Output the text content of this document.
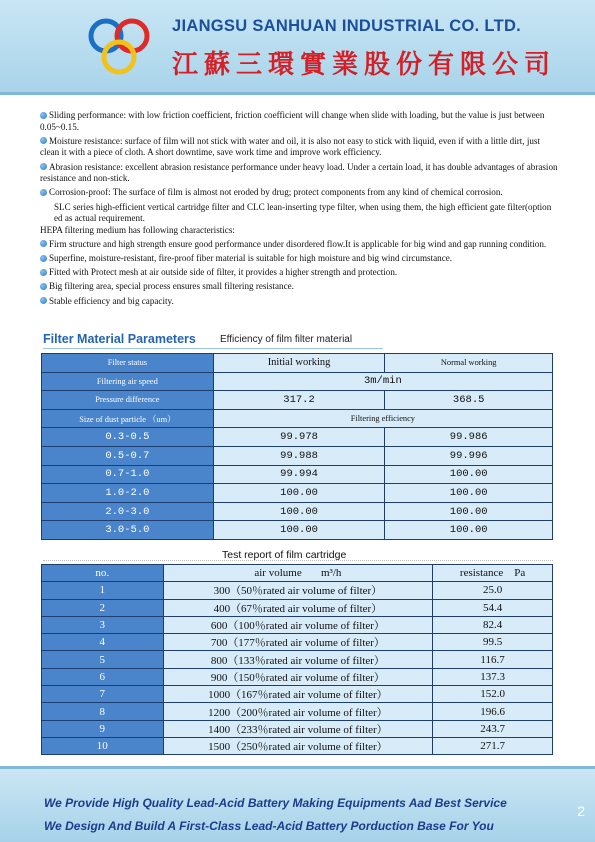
JIANGSU SANHUAN INDUSTRIAL CO. LTD.
江蘇三環實業股份有限公司

Sliding performance: with low friction coefficient, friction coefficient will change when slide with loading, but the value is just between 0.05~0.15.

Moisture resistance: surface of film will not stick with water and oil, it is also not easy to stick with liquid, even if with a little dirt, just clean it with a piece of cloth. A short downtime, save work time and improve work efficiency.

Abrasion resistance: excellent abrasion resistance performance under heavy load. Under a certain load, it has double advantages of abrasion resistance and non-stick.

Corrosion-proof: The surface of film is almost not eroded by drug; protect components from any kind of chemical corrosion.

SLC series high-efficient vertical cartridge filter and CLC lean-inserting type filter, when using them, the high efficient gate filter(option ed as actual requirement.

HEPA filtering medium has following characteristics:

Firm structure and high strength ensure good performance under disordered flow.It is applicable for big wind and gap running condition.

Superfine, moisture-resistant, fire-proof fiber material is suitable for high moisture and big wind circumstance.

Fitted with Protect mesh at air outside side of filter, it provides a higher strength and protection.

Big filtering area, special process ensures small filtering resistance.

Stable efficiency and big capacity.

Filter Material Parameters Efficiency of film filter material
Filter status	Initial working	Normal working
Filtering air speed	3m/min	
Pressure difference	317.2	368.5
Size of dust particle （um）	Filtering efficiency	
0.3-0.5	99.978	99.986
0.5-0.7	99.988	99.996
0.7-1.0	99.994	100.00
1.0-2.0	100.00	100.00
2.0-3.0	100.00	100.00
3.0-5.0	100.00	100.00
Test report of film cartridge
no.	air volume m³/h	resistance Pa
1	300（50％rated air volume of filter）	25.0
2	400（67％rated air volume of filter）	54.4
3	600（100％rated air volume of filter）	82.4
4	700（177％rated air volume of filter）	99.5
5	800（133％rated air volume of filter）	116.7
6	900（150％rated air volume of filter）	137.3
7	1000（167％rated air volume of filter）	152.0
8	1200（200％rated air volume of filter）	196.6
9	1400（233％rated air volume of filter）	243.7
10	1500（250％rated air volume of filter）	271.7
We Provide High Quality Lead-Acid Battery Making Equipments Aad Best Service
We Design And Build A First-Class Lead-Acid Battery Porduction Base For You
2
